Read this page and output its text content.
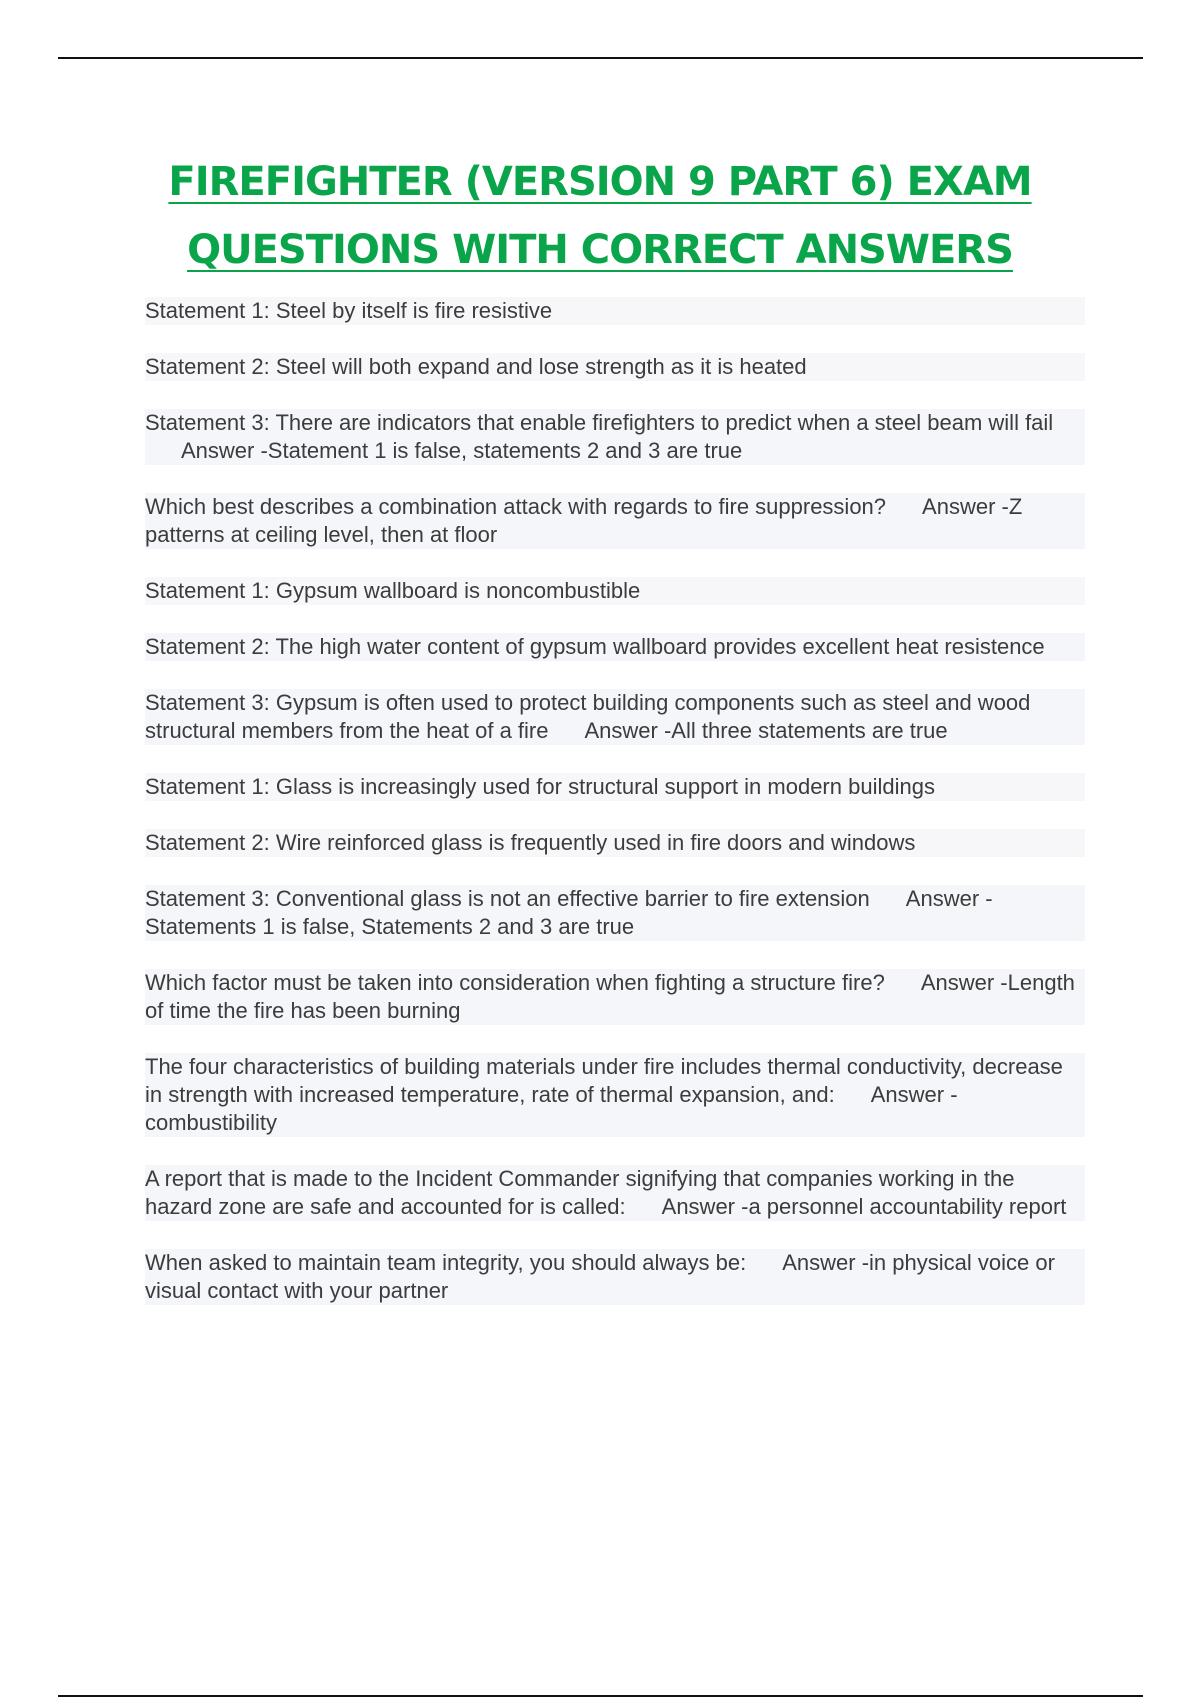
FIREFIGHTER (VERSION 9 PART 6) EXAM
QUESTIONS WITH CORRECT ANSWERS
Statement 1: Steel by itself is fire resistive
Statement 2: Steel will both expand and lose strength as it is heated
Statement 3: There are indicators that enable firefighters to predict when a steel beam will failAnswer -Statement 1 is false, statements 2 and 3 are true
Which best describes a combination attack with regards to fire suppression? Answer -Z patterns at ceiling level, then at floor
Statement 1: Gypsum wallboard is noncombustible
Statement 2: The high water content of gypsum wallboard provides excellent heat resistence
Statement 3: Gypsum is often used to protect building components such as steel and wood structural members from the heat of a fire Answer -All three statements are true
Statement 1: Glass is increasingly used for structural support in modern buildings
Statement 2: Wire reinforced glass is frequently used in fire doors and windows
Statement 3: Conventional glass is not an effective barrier to fire extension Answer -Statements 1 is false, Statements 2 and 3 are true
Which factor must be taken into consideration when fighting a structure fire? Answer -Length of time the fire has been burning
The four characteristics of building materials under fire includes thermal conductivity, decrease in strength with increased temperature, rate of thermal expansion, and: Answer -combustibility
A report that is made to the Incident Commander signifying that companies working in the hazard zone are safe and accounted for is called: Answer -a personnel accountability report
When asked to maintain team integrity, you should always be: Answer -in physical voice or visual contact with your partner
